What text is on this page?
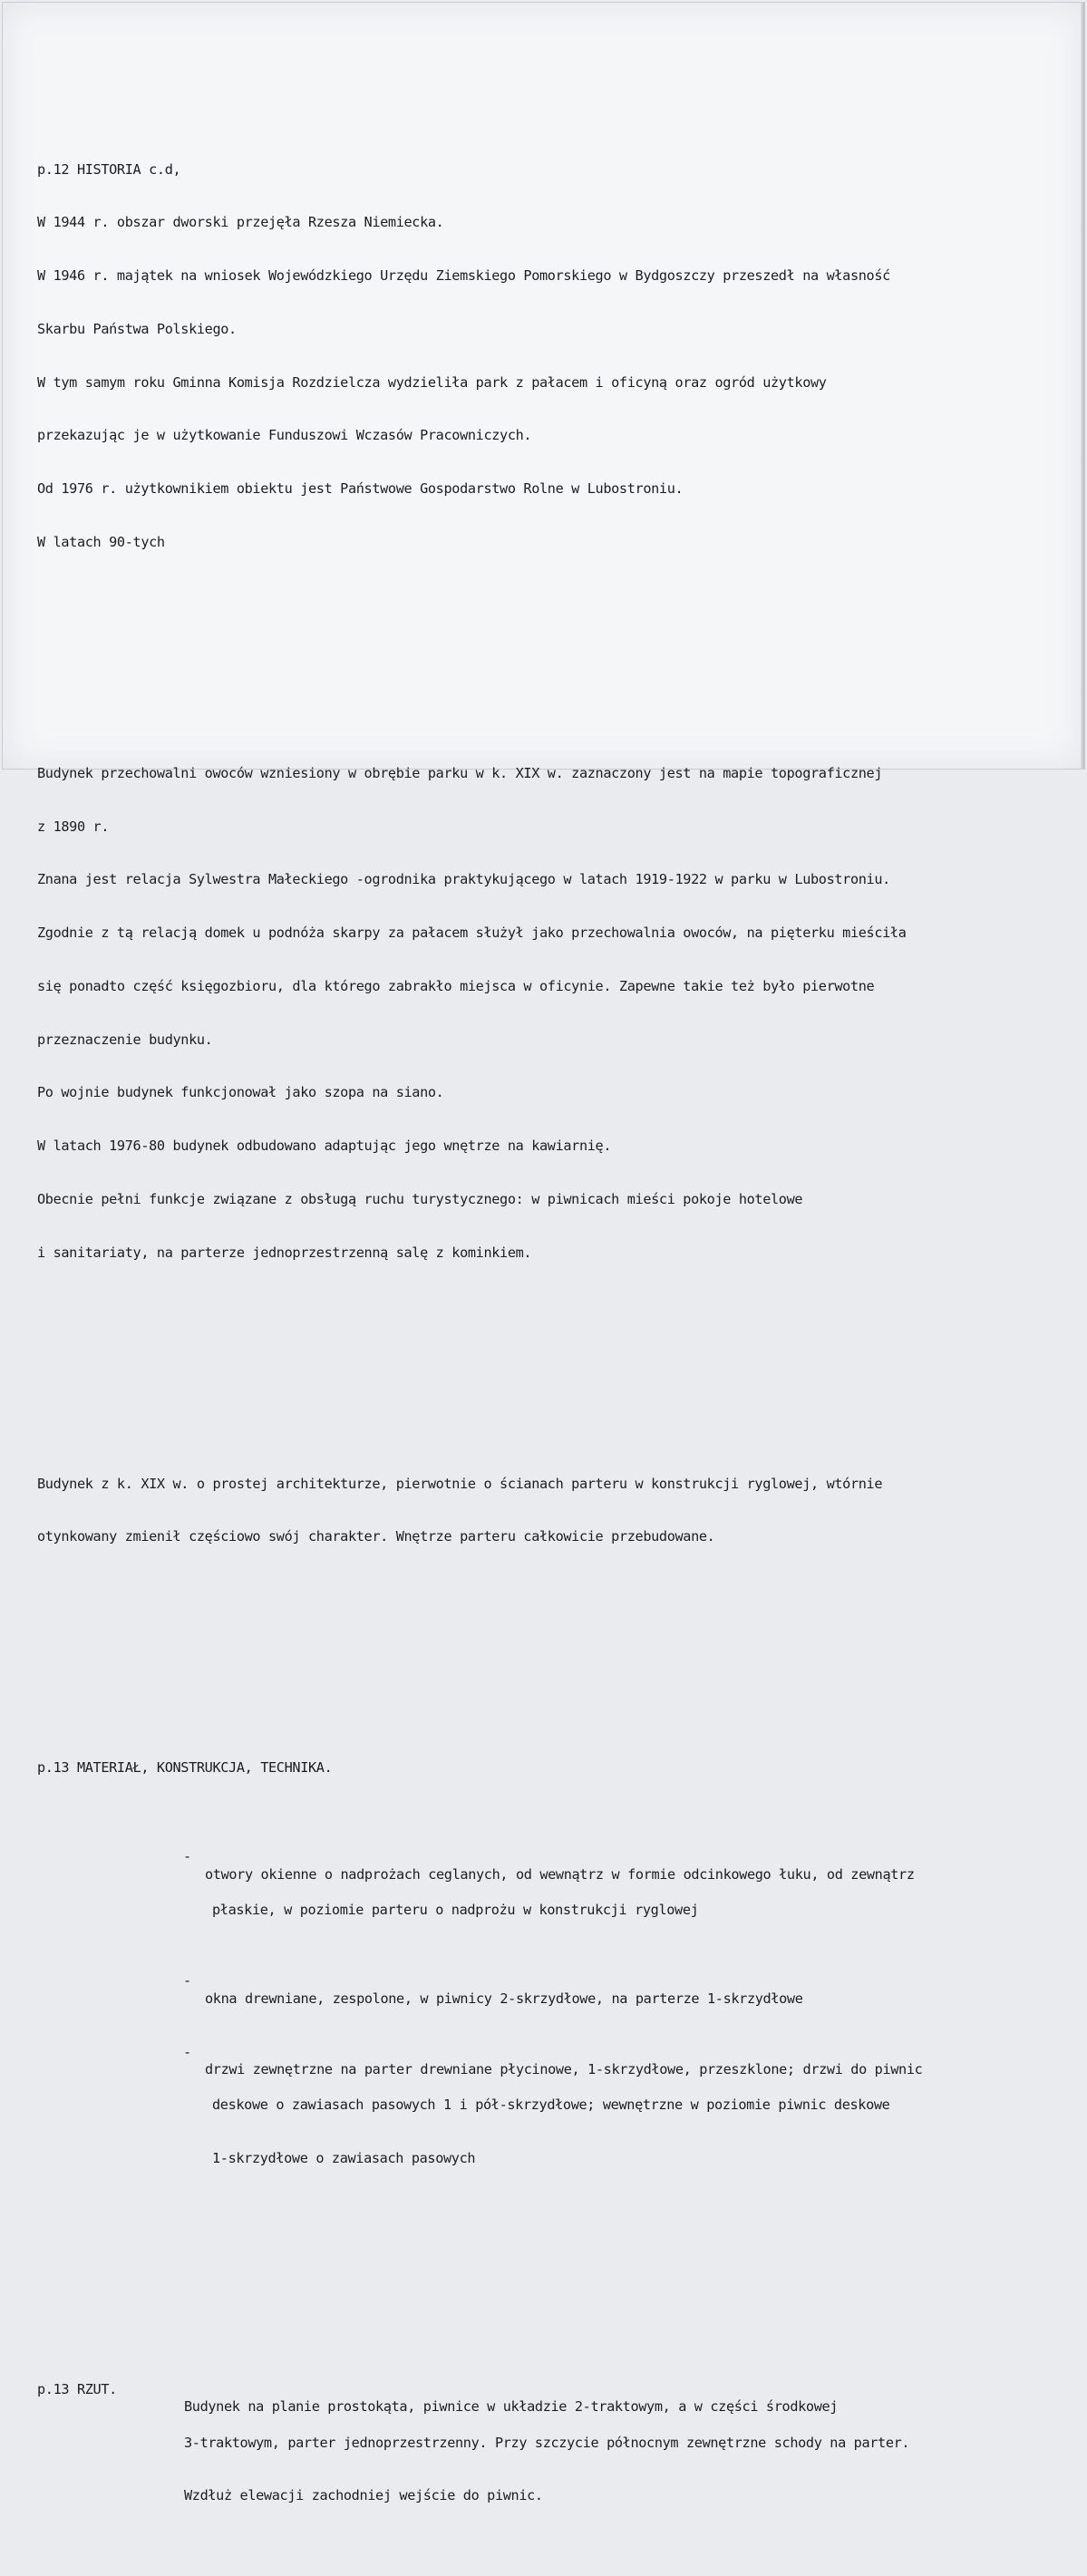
p.12 HISTORIA c.d,

W 1944 r. obszar dworski przejęła Rzesza Niemiecka.

W 1946 r. majątek na wniosek Wojewódzkiego Urzędu Ziemskiego Pomorskiego w Bydgoszczy przeszedł na własność

Skarbu Państwa Polskiego.

W tym samym roku Gminna Komisja Rozdzielcza wydzieliła park z pałacem i oficyną oraz ogród użytkowy

przekazując je w użytkowanie Funduszowi Wczasów Pracowniczych.

Od 1976 r. użytkownikiem obiektu jest Państwowe Gospodarstwo Rolne w Lubostroniu.

W latach 90-tych

Budynek przechowalni owoców wzniesiony w obrębie parku w k. XIX w. zaznaczony jest na mapie topograficznej

z 1890 r.

Znana jest relacja Sylwestra Małeckiego -ogrodnika praktykującego w latach 1919-1922 w parku w Lubostroniu.

Zgodnie z tą relacją domek u podnóża skarpy za pałacem służył jako przechowalnia owoców, na pięterku mieściła

się ponadto część księgozbioru, dla którego zabrakło miejsca w oficynie. Zapewne takie też było pierwotne

przeznaczenie budynku.

Po wojnie budynek funkcjonował jako szopa na siano.

W latach 1976-80 budynek odbudowano adaptując jego wnętrze na kawiarnię.

Obecnie pełni funkcje związane z obsługą ruchu turystycznego: w piwnicach mieści pokoje hotelowe

i sanitariaty, na parterze jednoprzestrzenną salę z kominkiem.

Budynek z k. XIX w. o prostej architekturze, pierwotnie o ścianach parteru w konstrukcji ryglowej, wtórnie

otynkowany zmienił częściowo swój charakter. Wnętrze parteru całkowicie przebudowane.

p.13 MATERIAŁ, KONSTRUKCJA, TECHNIKA.

-

otwory okienne o nadprożach ceglanych, od wewnątrz w formie odcinkowego łuku, od zewnątrz

płaskie, w poziomie parteru o nadprożu w konstrukcji ryglowej

-

okna drewniane, zespolone, w piwnicy 2-skrzydłowe, na parterze 1-skrzydłowe

-

drzwi zewnętrzne na parter drewniane płycinowe, 1-skrzydłowe, przeszklone; drzwi do piwnic

deskowe o zawiasach pasowych 1 i pół-skrzydłowe; wewnętrzne w poziomie piwnic deskowe

1-skrzydłowe o zawiasach pasowych

p.13 RZUT.

Budynek na planie prostokąta, piwnice w układzie 2-traktowym, a w części środkowej

3-traktowym, parter jednoprzestrzenny. Przy szczycie północnym zewnętrzne schody na parter.

Wzdłuż elewacji zachodniej wejście do piwnic.
